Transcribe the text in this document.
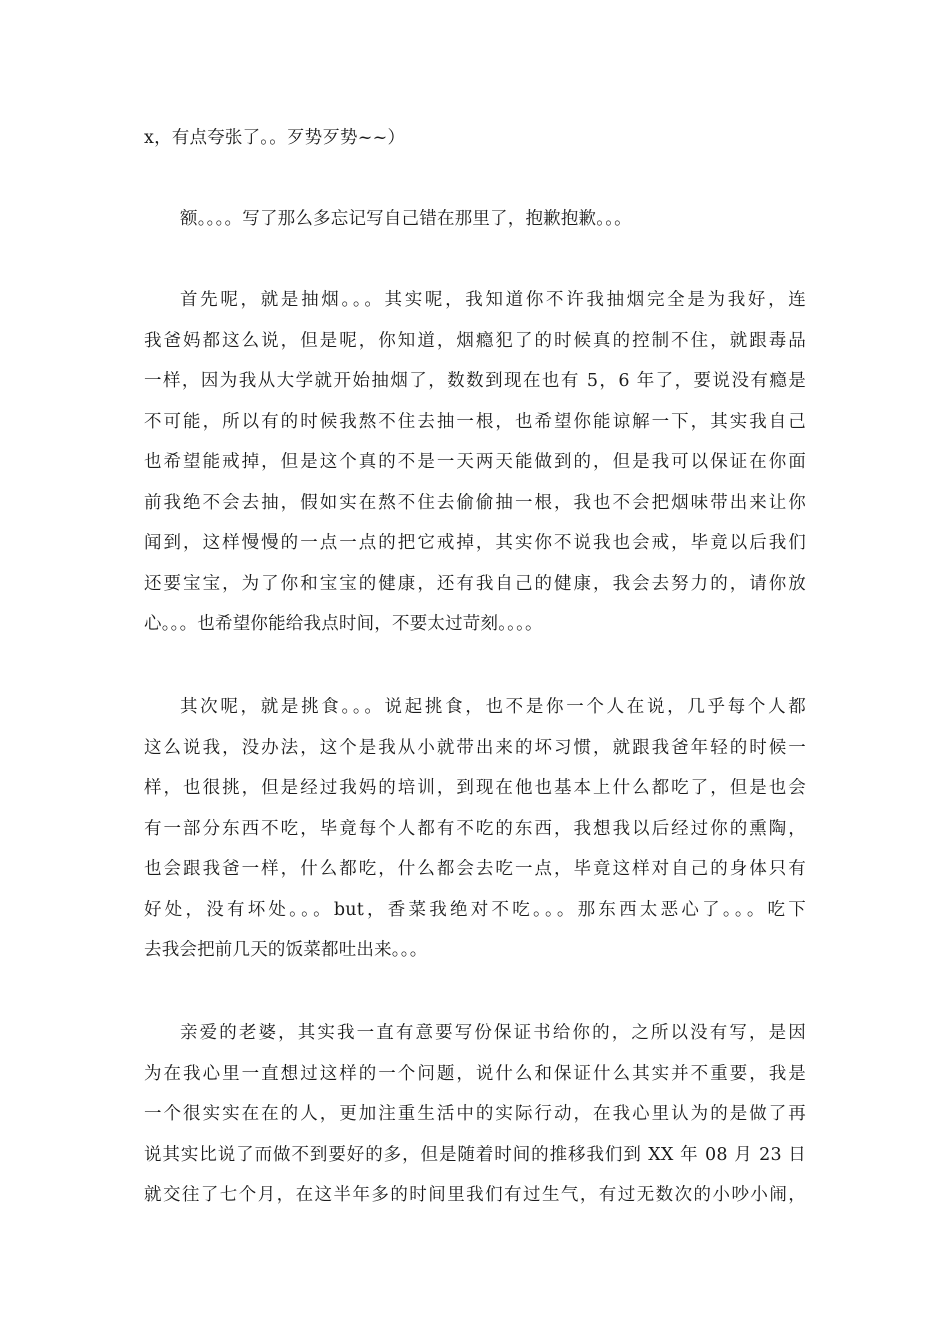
x，有点夸张了。。歹势歹势~~）
额。。。。写了那么多忘记写自己错在那里了，抱歉抱歉。。。
首先呢，就是抽烟。。。其实呢，我知道你不许我抽烟完全是为我好，连
我爸妈都这么说，但是呢，你知道，烟瘾犯了的时候真的控制不住，就跟毒品
一样，因为我从大学就开始抽烟了，数数到现在也有 5，6 年了，要说没有瘾是
不可能，所以有的时候我熬不住去抽一根，也希望你能谅解一下，其实我自己
也希望能戒掉，但是这个真的不是一天两天能做到的，但是我可以保证在你面
前我绝不会去抽，假如实在熬不住去偷偷抽一根，我也不会把烟味带出来让你
闻到，这样慢慢的一点一点的把它戒掉，其实你不说我也会戒，毕竟以后我们
还要宝宝，为了你和宝宝的健康，还有我自己的健康，我会去努力的，请你放
心。。。也希望你能给我点时间，不要太过苛刻。。。。
其次呢，就是挑食。。。说起挑食，也不是你一个人在说，几乎每个人都
这么说我，没办法，这个是我从小就带出来的坏习惯，就跟我爸年轻的时候一
样，也很挑，但是经过我妈的培训，到现在他也基本上什么都吃了，但是也会
有一部分东西不吃，毕竟每个人都有不吃的东西，我想我以后经过你的熏陶，
也会跟我爸一样，什么都吃，什么都会去吃一点，毕竟这样对自己的身体只有
好处，没有坏处。。。but，香菜我绝对不吃。。。那东西太恶心了。。。吃下
去我会把前几天的饭菜都吐出来。。。
亲爱的老婆，其实我一直有意要写份保证书给你的，之所以没有写，是因
为在我心里一直想过这样的一个问题，说什么和保证什么其实并不重要，我是
一个很实实在在的人，更加注重生活中的实际行动，在我心里认为的是做了再
说其实比说了而做不到要好的多，但是随着时间的推移我们到 XX 年 08 月 23 日
就交往了七个月，在这半年多的时间里我们有过生气，有过无数次的小吵小闹，
